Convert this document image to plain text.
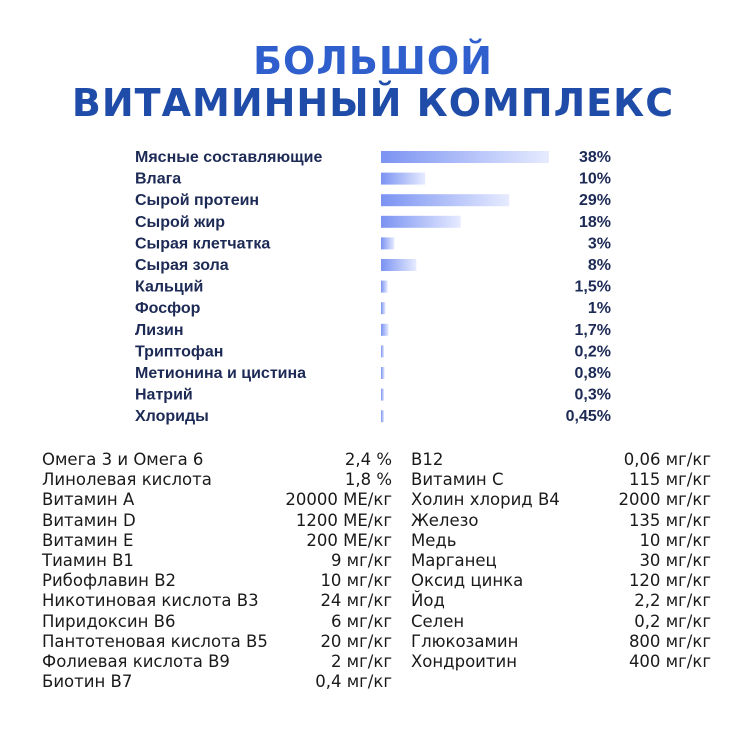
БОЛЬШОЙ
ВИТАМИННЫЙ КОМПЛЕКС
Мясные составляющие	38%
Влага	10%
Сырой протеин	29%
Сырой жир	18%
Сырая клетчатка	3%
Сырая зола	8%
Кальций	1,5%
Фосфор	1%
Лизин	1,7%
Триптофан	0,2%
Метионина и цистина	0,8%
Натрий	0,3%
Хлориды	0,45%
Омега 3 и Омега 6	2,4 %
Линолевая кислота	1,8 %
Витамин А	20000 МЕ/кг
Витамин D	1200 МЕ/кг
Витамин Е	200 МЕ/кг
Тиамин В1	9 мг/кг
Рибофлавин В2	10 мг/кг
Никотиновая кислота В3	24 мг/кг
Пиридоксин В6	6 мг/кг
Пантотеновая кислота В5	20 мг/кг
Фолиевая кислота В9	2 мг/кг
Биотин В7	0,4 мг/кг
В12	0,06 мг/кг
Витамин С	115 мг/кг
Холин хлорид В4	2000 мг/кг
Железо	135 мг/кг
Медь	10 мг/кг
Марганец	30 мг/кг
Оксид цинка	120 мг/кг
Йод	2,2 мг/кг
Селен	0,2 мг/кг
Глюкозамин	800 мг/кг
Хондроитин	400 мг/кг
